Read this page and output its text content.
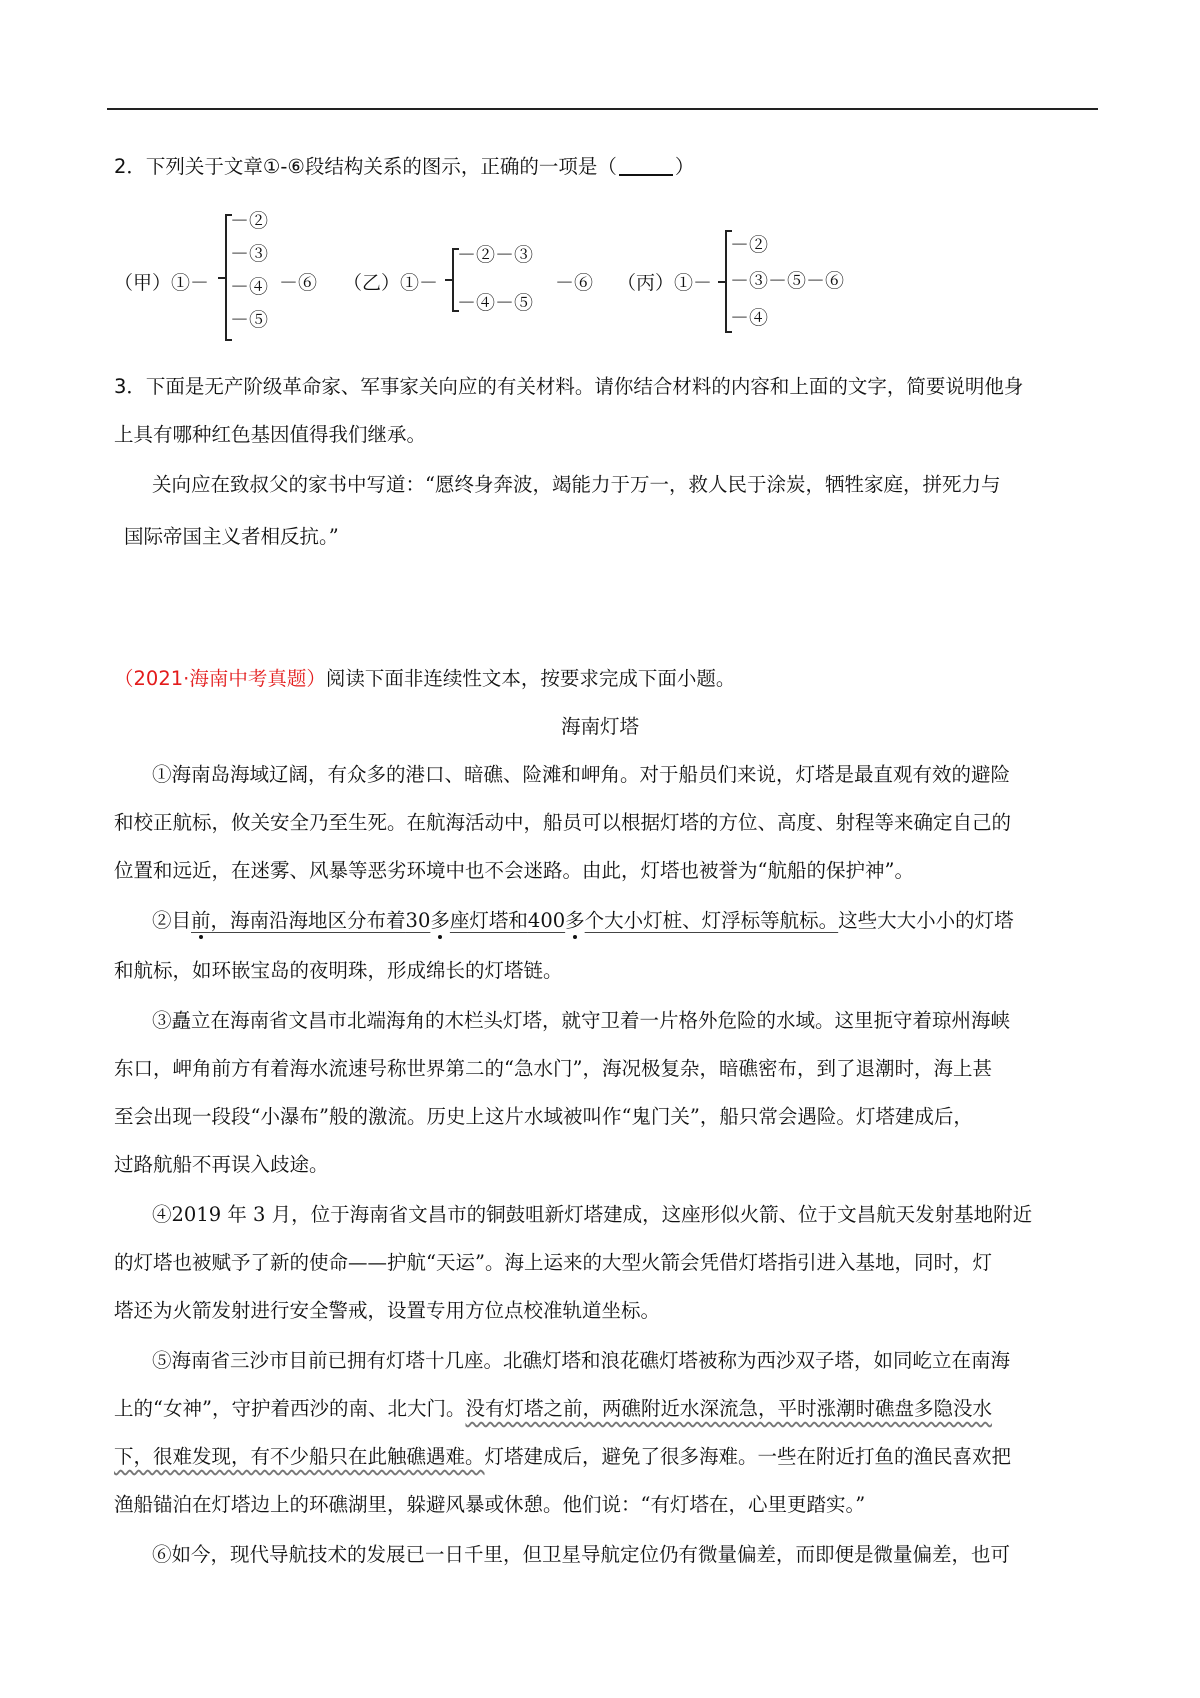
2．下列关于文章①-⑥段结构关系的图示，正确的一项是（	）
（甲）①－
－②
－③
－④
－⑤
－⑥ （乙）①－
－②－③
－④－⑤
－⑥ （丙）①－
－②
－③－⑤－⑥
－④
3．下面是无产阶级革命家、军事家关向应的有关材料。请你结合材料的内容和上面的文字，简要说明他身
上具有哪种红色基因值得我们继承。
关向应在致叔父的家书中写道：“愿终身奔波，竭能力于万一，救人民于涂炭，牺牲家庭，拼死力与
国际帝国主义者相反抗。”
（2021·海南中考真题）阅读下面非连续性文本，按要求完成下面小题。
海南灯塔
①海南岛海域辽阔，有众多的港口、暗礁、险滩和岬角。对于船员们来说，灯塔是最直观有效的避险
和校正航标，攸关安全乃至生死。在航海活动中，船员可以根据灯塔的方位、高度、射程等来确定自己的
位置和远近，在迷雾、风暴等恶劣环境中也不会迷路。由此，灯塔也被誉为“航船的保护神”。
②目前，海南沿海地区分布着30多座灯塔和400多个大小灯桩、灯浮标等航标。这些大大小小的灯塔
和航标，如环嵌宝岛的夜明珠，形成绵长的灯塔链。
③矗立在海南省文昌市北端海角的木栏头灯塔，就守卫着一片格外危险的水域。这里扼守着琼州海峡
东口，岬角前方有着海水流速号称世界第二的“急水门”，海况极复杂，暗礁密布，到了退潮时，海上甚
至会出现一段段“小瀑布”般的激流。历史上这片水域被叫作“鬼门关”，船只常会遇险。灯塔建成后，
过路航船不再误入歧途。
④2019 年 3 月，位于海南省文昌市的铜鼓咀新灯塔建成，这座形似火箭、位于文昌航天发射基地附近
的灯塔也被赋予了新的使命——护航“天运”。海上运来的大型火箭会凭借灯塔指引进入基地，同时，灯
塔还为火箭发射进行安全警戒，设置专用方位点校准轨道坐标。
⑤海南省三沙市目前已拥有灯塔十几座。北礁灯塔和浪花礁灯塔被称为西沙双子塔，如同屹立在南海
上的“女神”，守护着西沙的南、北大门。没有灯塔之前，两礁附近水深流急，平时涨潮时礁盘多隐没水
下，很难发现，有不少船只在此触礁遇难。灯塔建成后，避免了很多海难。一些在附近打鱼的渔民喜欢把
渔船锚泊在灯塔边上的环礁湖里，躲避风暴或休憩。他们说：“有灯塔在，心里更踏实。”
⑥如今，现代导航技术的发展已一日千里，但卫星导航定位仍有微量偏差，而即便是微量偏差，也可
